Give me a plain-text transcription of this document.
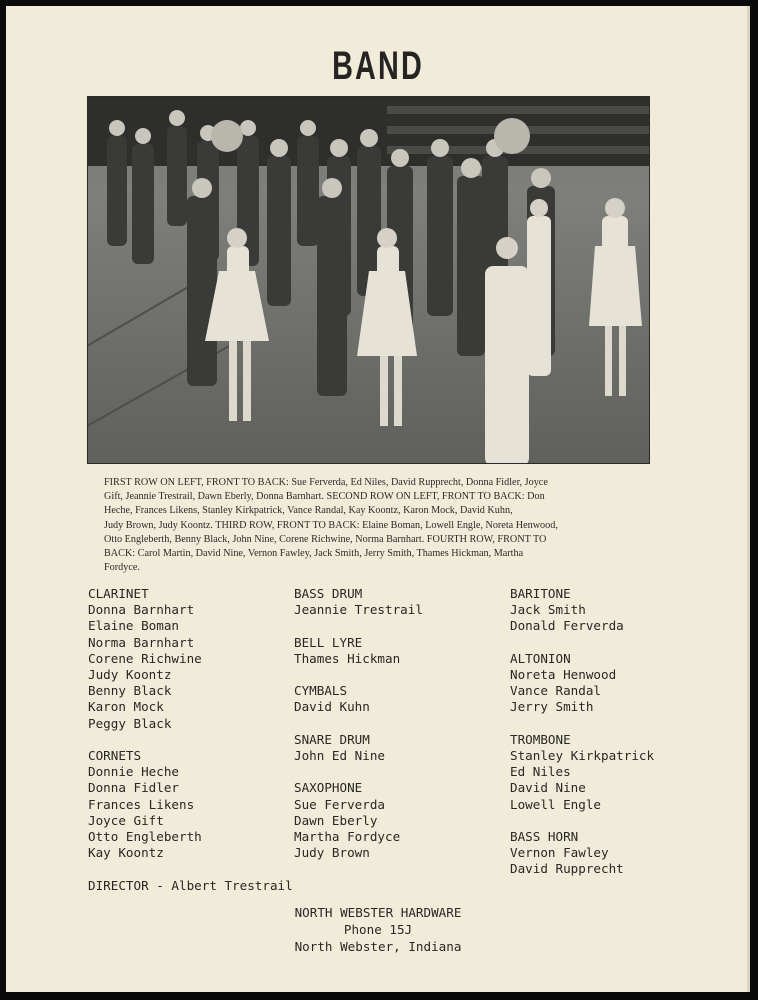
BAND

FIRST ROW ON LEFT, FRONT TO BACK: Sue Ferverda, Ed Niles, David Rupprecht, Donna Fidler, Joyce

Gift, Jeannie Trestrail, Dawn Eberly, Donna Barnhart. SECOND ROW ON LEFT, FRONT TO BACK: Don

Heche, Frances Likens, Stanley Kirkpatrick, Vance Randal, Kay Koontz, Karon Mock, David Kuhn,

Judy Brown, Judy Koontz. THIRD ROW, FRONT TO BACK: Elaine Boman, Lowell Engle, Noreta Henwood,

Otto Engleberth, Benny Black, John Nine, Corene Richwine, Norma Barnhart. FOURTH ROW, FRONT TO

BACK: Carol Martin, David Nine, Vernon Fawley, Jack Smith, Jerry Smith, Thames Hickman, Martha

Fordyce.

CLARINET
Donna Barnhart
Elaine Boman
Norma Barnhart
Corene Richwine
Judy Koontz
Benny Black
Karon Mock
Peggy Black
CORNETS
Donnie Heche
Donna Fidler
Frances Likens
Joyce Gift
Otto Engleberth
Kay Koontz
BASS DRUM
Jeannie Trestrail
BELL LYRE
Thames Hickman
CYMBALS
David Kuhn
SNARE DRUM
John Ed Nine
SAXOPHONE
Sue Ferverda
Dawn Eberly
Martha Fordyce
Judy Brown
BARITONE
Jack Smith
Donald Ferverda
ALTONION
Noreta Henwood
Vance Randal
Jerry Smith
TROMBONE
Stanley Kirkpatrick
Ed Niles
David Nine
Lowell Engle
BASS HORN
Vernon Fawley
David Rupprecht
DIRECTOR - Albert Trestrail
NORTH WEBSTER HARDWARE
Phone 15J
North Webster, Indiana
